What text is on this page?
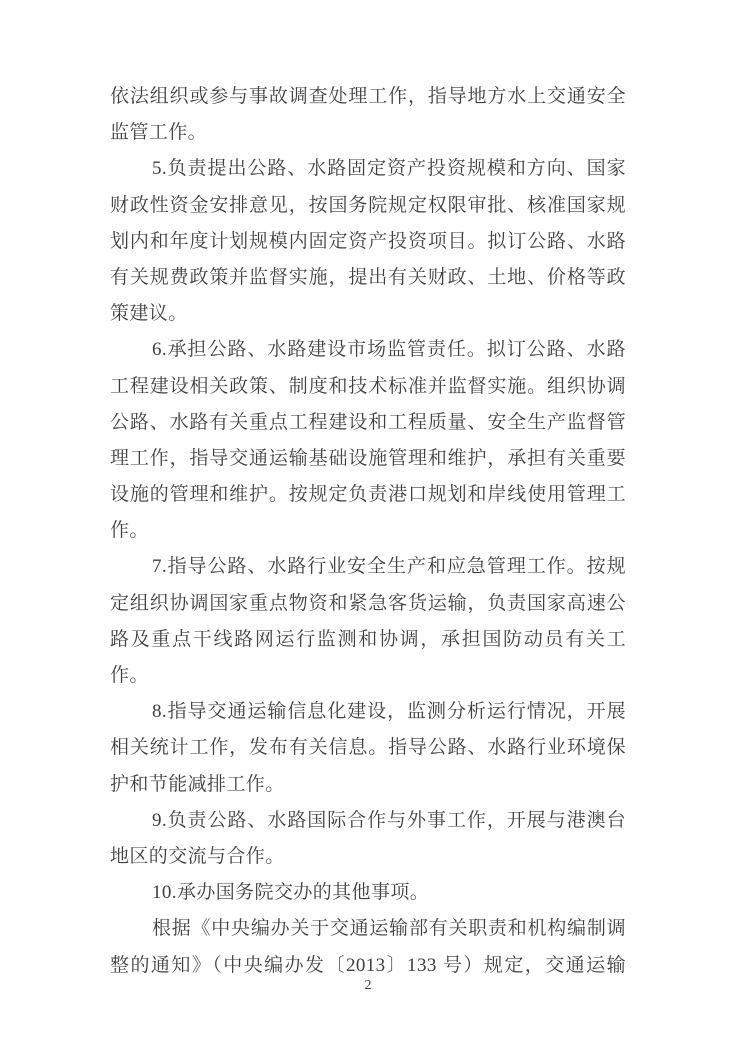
依法组织或参与事故调查处理工作，指导地方水上交通安全
监管工作。
5.负责提出公路、水路固定资产投资规模和方向、国家
财政性资金安排意见，按国务院规定权限审批、核准国家规
划内和年度计划规模内固定资产投资项目。拟订公路、水路
有关规费政策并监督实施，提出有关财政、土地、价格等政
策建议。
6.承担公路、水路建设市场监管责任。拟订公路、水路
工程建设相关政策、制度和技术标准并监督实施。组织协调
公路、水路有关重点工程建设和工程质量、安全生产监督管
理工作，指导交通运输基础设施管理和维护，承担有关重要
设施的管理和维护。按规定负责港口规划和岸线使用管理工
作。
7.指导公路、水路行业安全生产和应急管理工作。按规
定组织协调国家重点物资和紧急客货运输，负责国家高速公
路及重点干线路网运行监测和协调，承担国防动员有关工
作。
8.指导交通运输信息化建设，监测分析运行情况，开展
相关统计工作，发布有关信息。指导公路、水路行业环境保
护和节能减排工作。
9.负责公路、水路国际合作与外事工作，开展与港澳台
地区的交流与合作。
10.承办国务院交办的其他事项。
根据《中央编办关于交通运输部有关职责和机构编制调
整的通知》（中央编办发〔2013〕133 号）规定，交通运输
2
